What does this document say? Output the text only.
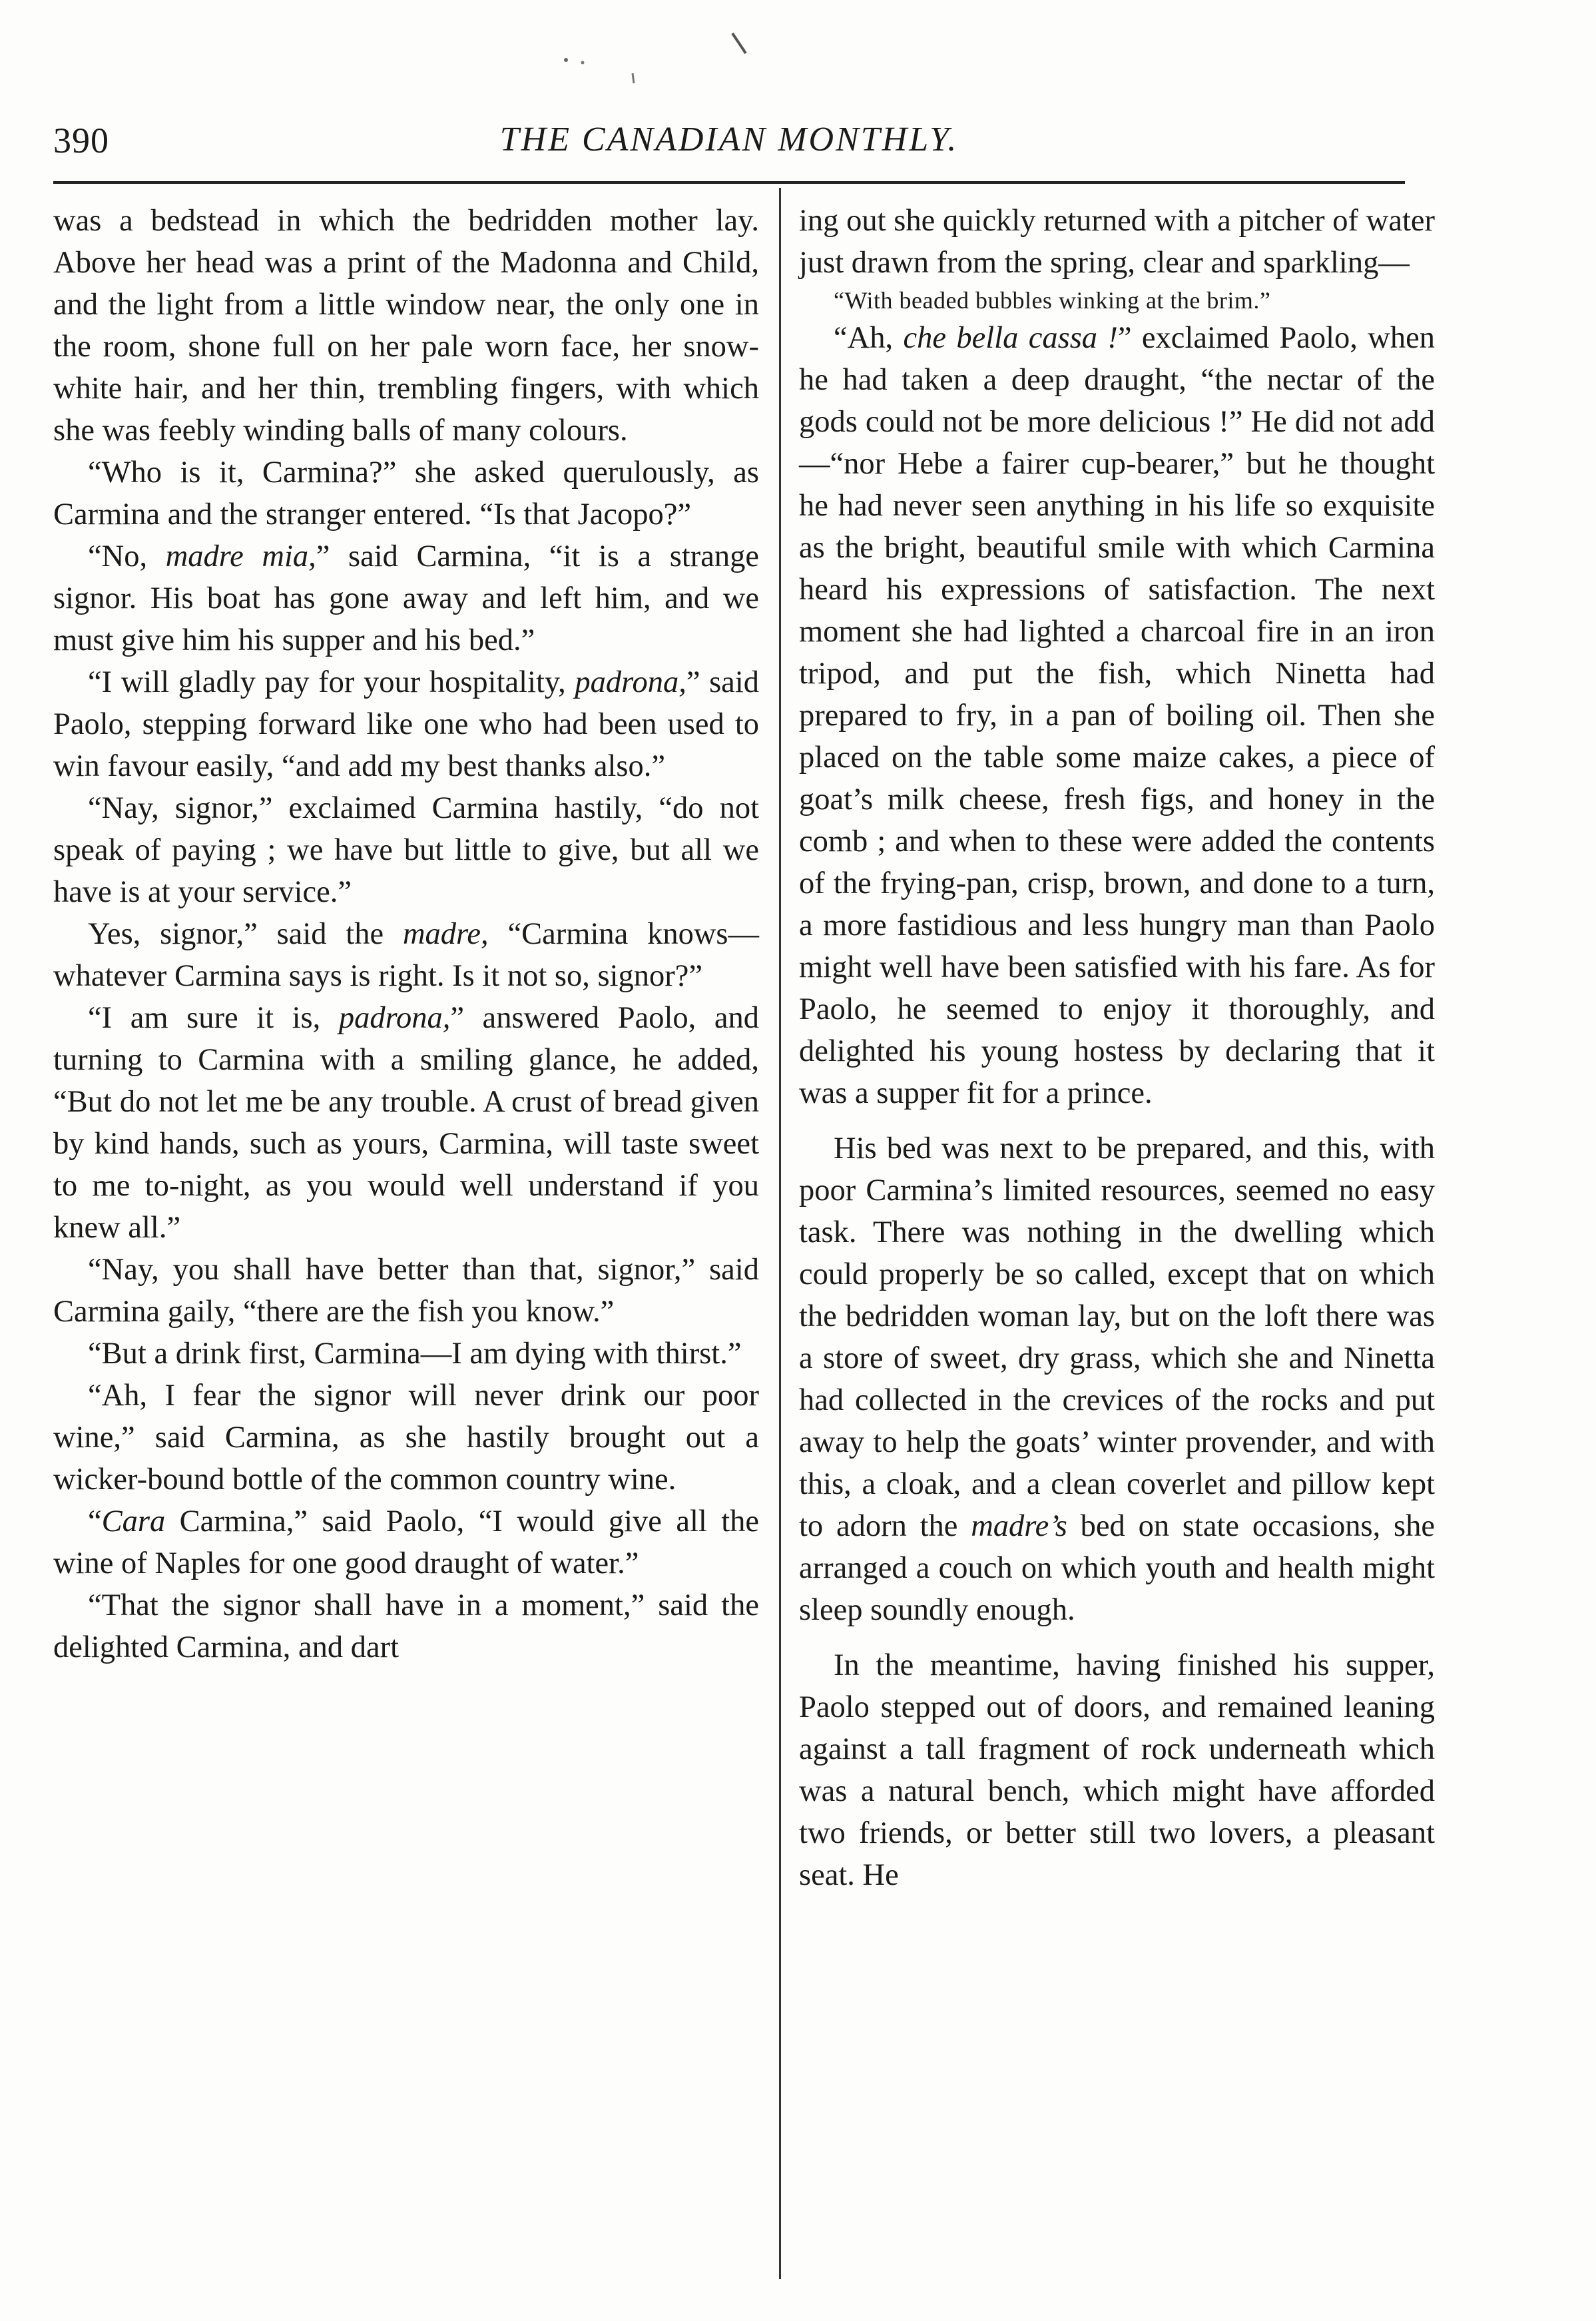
390	THE CANADIAN MONTHLY.

was a bedstead in which the bedridden mother lay. Above her head was a print of the Madonna and Child, and the light from a little window near, the only one in the room, shone full on her pale worn face, her snow-white hair, and her thin, trembling fingers, with which she was feebly winding balls of many colours.

“Who is it, Carmina?” she asked querulously, as Carmina and the stranger entered. “Is that Jacopo?”

“No, madre mia,” said Carmina, “it is a strange signor. His boat has gone away and left him, and we must give him his supper and his bed.”

“I will gladly pay for your hospitality, padrona,” said Paolo, stepping forward like one who had been used to win favour easily, “and add my best thanks also.”

“Nay, signor,” exclaimed Carmina hastily, “do not speak of paying ; we have but little to give, but all we have is at your service.”

Yes, signor,” said the madre, “Carmina knows—whatever Carmina says is right. Is it not so, signor?”

“I am sure it is, padrona,” answered Paolo, and turning to Carmina with a smiling glance, he added, “But do not let me be any trouble. A crust of bread given by kind hands, such as yours, Carmina, will taste sweet to me to-night, as you would well understand if you knew all.”

“Nay, you shall have better than that, signor,” said Carmina gaily, “there are the fish you know.”

“But a drink first, Carmina—I am dying with thirst.”

“Ah, I fear the signor will never drink our poor wine,” said Carmina, as she hastily brought out a wicker-bound bottle of the common country wine.

“Cara Carmina,” said Paolo, “I would give all the wine of Naples for one good draught of water.”

“That the signor shall have in a moment,” said the delighted Carmina, and dart

ing out she quickly returned with a pitcher of water just drawn from the spring, clear and sparkling—

“With beaded bubbles winking at the brim.”

“Ah, che bella cassa !” exclaimed Paolo, when he had taken a deep draught, “the nectar of the gods could not be more delicious !” He did not add—“nor Hebe a fairer cup-bearer,” but he thought he had never seen anything in his life so exquisite as the bright, beautiful smile with which Carmina heard his expressions of satisfaction. The next moment she had lighted a charcoal fire in an iron tripod, and put the fish, which Ninetta had prepared to fry, in a pan of boiling oil. Then she placed on the table some maize cakes, a piece of goat’s milk cheese, fresh figs, and honey in the comb ; and when to these were added the contents of the frying-pan, crisp, brown, and done to a turn, a more fastidious and less hungry man than Paolo might well have been satisfied with his fare. As for Paolo, he seemed to enjoy it thoroughly, and delighted his young hostess by declaring that it was a supper fit for a prince.

His bed was next to be prepared, and this, with poor Carmina’s limited resources, seemed no easy task. There was nothing in the dwelling which could properly be so called, except that on which the bedridden woman lay, but on the loft there was a store of sweet, dry grass, which she and Ninetta had collected in the crevices of the rocks and put away to help the goats’ winter provender, and with this, a cloak, and a clean coverlet and pillow kept to adorn the madre’s bed on state occasions, she arranged a couch on which youth and health might sleep soundly enough.

In the meantime, having finished his supper, Paolo stepped out of doors, and remained leaning against a tall fragment of rock underneath which was a natural bench, which might have afforded two friends, or better still two lovers, a pleasant seat. He
